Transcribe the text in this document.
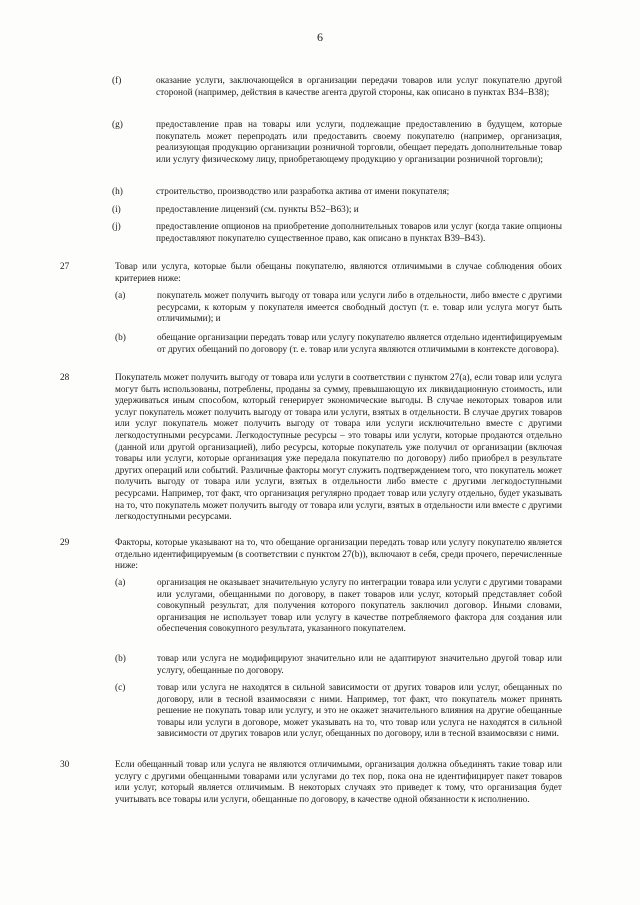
6
(f)	оказание услуги, заключающейся в организации передачи товаров или услуг покупателю другой стороной (например, действия в качестве агента другой стороны, как описано в пунктах В34–В38);
(g)	предоставление прав на товары или услуги, подлежащие предоставлению в будущем, которые покупатель может перепродать или предоставить своему покупателю (например, организация, реализующая продукцию организации розничной торговли, обещает передать дополнительные товар или услугу физическому лицу, приобретающему продукцию у организации розничной торговли);
(h)	строительство, производство или разработка актива от имени покупателя;
(i)	предоставление лицензий (см. пункты В52–В63); и
(j)	предоставление опционов на приобретение дополнительных товаров или услуг (когда такие опционы предоставляют покупателю существенное право, как описано в пунктах В39–В43).
27	Товар или услуга, которые были обещаны покупателю, являются отличимыми в случае соблюдения обоих критериев ниже:
(a)	покупатель может получить выгоду от товара или услуги либо в отдельности, либо вместе с другими ресурсами, к которым у покупателя имеется свободный доступ (т. е. товар или услуга могут быть отличимыми); и
(b)	обещание организации передать товар или услугу покупателю является отдельно идентифицируемым от других обещаний по договору (т. е. товар или услуга являются отличимыми в контексте договора).
28	Покупатель может получить выгоду от товара или услуги в соответствии с пунктом 27(a), если товар или услуга могут быть использованы, потреблены, проданы за сумму, превышающую их ликвидационную стоимость, или удерживаться иным способом, который генерирует экономические выгоды. В случае некоторых товаров или услуг покупатель может получить выгоду от товара или услуги, взятых в отдельности. В случае других товаров или услуг покупатель может получить выгоду от товара или услуги исключительно вместе с другими легкодоступными ресурсами. Легкодоступные ресурсы – это товары или услуги, которые продаются отдельно (данной или другой организацией), либо ресурсы, которые покупатель уже получил от организации (включая товары или услуги, которые организация уже передала покупателю по договору) либо приобрел в результате других операций или событий. Различные факторы могут служить подтверждением того, что покупатель может получить выгоду от товара или услуги, взятых в отдельности либо вместе с другими легкодоступными ресурсами. Например, тот факт, что организация регулярно продает товар или услугу отдельно, будет указывать на то, что покупатель может получить выгоду от товара или услуги, взятых в отдельности или вместе с другими легкодоступными ресурсами.
29	Факторы, которые указывают на то, что обещание организации передать товар или услугу покупателю является отдельно идентифицируемым (в соответствии с пунктом 27(b)), включают в себя, среди прочего, перечисленные ниже:
(a)	организация не оказывает значительную услугу по интеграции товара или услуги с другими товарами или услугами, обещанными по договору, в пакет товаров или услуг, который представляет собой совокупный результат, для получения которого покупатель заключил договор. Иными словами, организация не использует товар или услугу в качестве потребляемого фактора для создания или обеспечения совокупного результата, указанного покупателем.
(b)	товар или услуга не модифицируют значительно или не адаптируют значительно другой товар или услугу, обещанные по договору.
(c)	товар или услуга не находятся в сильной зависимости от других товаров или услуг, обещанных по договору, или в тесной взаимосвязи с ними. Например, тот факт, что покупатель может принять решение не покупать товар или услугу, и это не окажет значительного влияния на другие обещанные товары или услуги в договоре, может указывать на то, что товар или услуга не находятся в сильной зависимости от других товаров или услуг, обещанных по договору, или в тесной взаимосвязи с ними.
30	Если обещанный товар или услуга не являются отличимыми, организация должна объединять такие товар или услугу с другими обещанными товарами или услугами до тех пор, пока она не идентифицирует пакет товаров или услуг, который является отличимым. В некоторых случаях это приведет к тому, что организация будет учитывать все товары или услуги, обещанные по договору, в качестве одной обязанности к исполнению.
